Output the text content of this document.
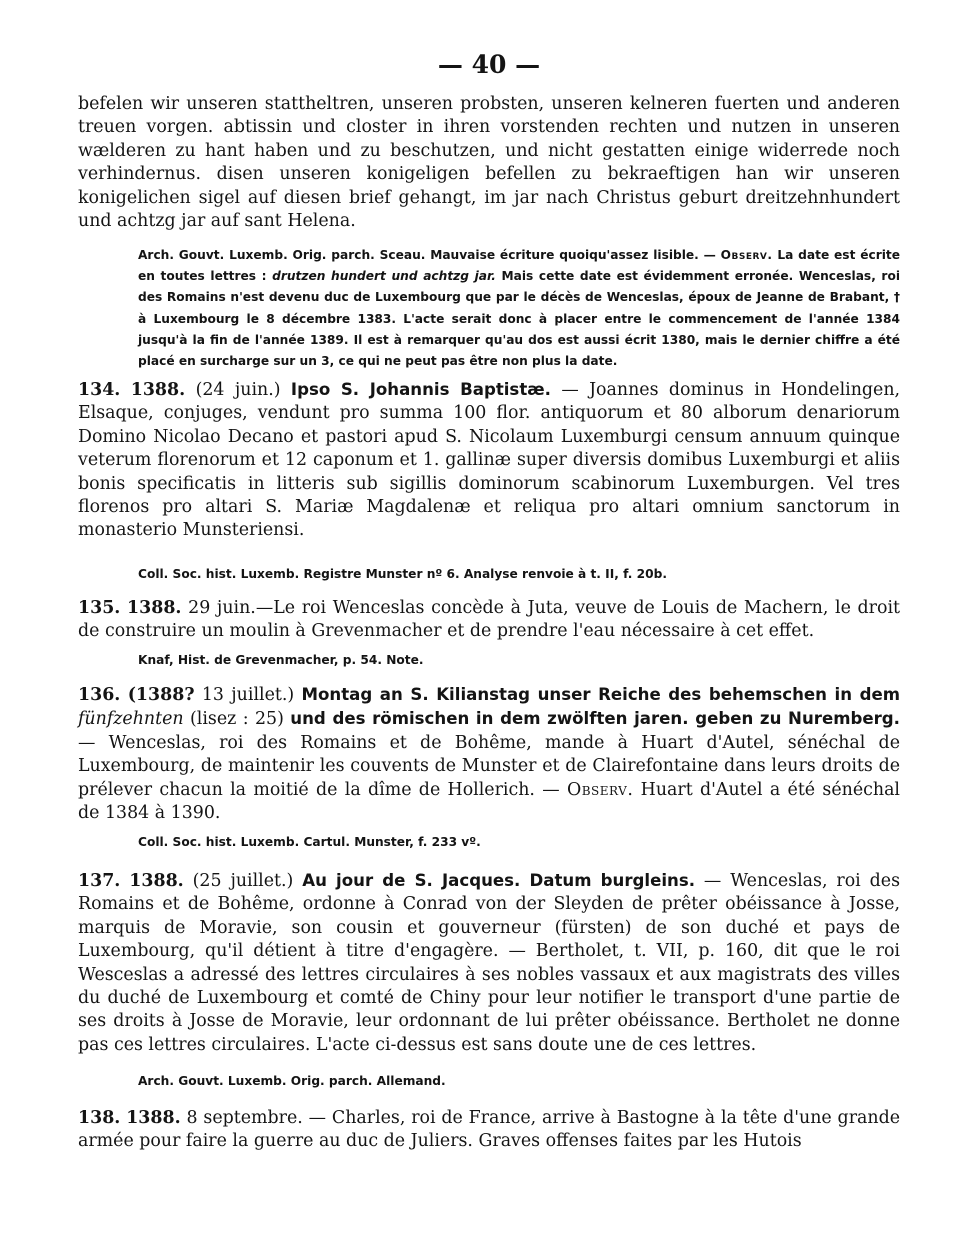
— 40 —
befelen wir unseren stattheltren, unseren probsten, unseren kelneren fuerten und anderen treuen vorgen. abtissin und closter in ihren vorstenden rechten und nutzen in unseren wælderen zu hant haben und zu beschutzen, und nicht gestatten einige widerrede noch verhindernus. disen unseren konigeligen befellen zu bekraeftigen han wir unseren konigelichen sigel auf diesen brief gehangt, im jar nach Christus geburt dreitzehnhundert und achtzg jar auf sant Helena.
Arch. Gouvt. Luxemb. Orig. parch. Sceau. Mauvaise écriture quoiqu'assez lisible. — Observ. La date est écrite en toutes lettres : drutzen hundert und achtzg jar. Mais cette date est évidemment erronée. Wenceslas, roi des Romains n'est devenu duc de Luxembourg que par le décès de Wenceslas, époux de Jeanne de Brabant, † à Luxembourg le 8 décembre 1383. L'acte serait donc à placer entre le commencement de l'année 1384 jusqu'à la fin de l'année 1389. Il est à remarquer qu'au dos est aussi écrit 1380, mais le dernier chiffre a été placé en surcharge sur un 3, ce qui ne peut pas être non plus la date.
134. 1388. (24 juin.) Ipso S. Johannis Baptistæ. — Joannes dominus in Hondelingen, Elsaque, conjuges, vendunt pro summa 100 flor. antiquorum et 80 alborum denariorum Domino Nicolao Decano et pastori apud S. Nicolaum Luxemburgi censum annuum quinque veterum florenorum et 12 caponum et 1. gallinæ super diversis domibus Luxemburgi et aliis bonis specificatis in litteris sub sigillis dominorum scabinorum Luxemburgen. Vel tres florenos pro altari S. Mariæ Magdalenæ et reliqua pro altari omnium sanctorum in monasterio Munsteriensi.
Coll. Soc. hist. Luxemb. Registre Munster nº 6. Analyse renvoie à t. II, f. 20b.
135. 1388. 29 juin.—Le roi Wenceslas concède à Juta, veuve de Louis de Machern, le droit de construire un moulin à Grevenmacher et de prendre l'eau nécessaire à cet effet.
Knaf, Hist. de Grevenmacher, p. 54. Note.
136. (1388? 13 juillet.) Montag an S. Kilianstag unser Reiche des behemschen in dem fünfzehnten (lisez : 25) und des römischen in dem zwölften jaren. geben zu Nuremberg.— Wenceslas, roi des Romains et de Bohême, mande à Huart d'Autel, sénéchal de Luxembourg, de maintenir les couvents de Munster et de Clairefontaine dans leurs droits de prélever chacun la moitié de la dîme de Hollerich. — Observ. Huart d'Autel a été sénéchal de 1384 à 1390.
Coll. Soc. hist. Luxemb. Cartul. Munster, f. 233 vº.
137. 1388. (25 juillet.) Au jour de S. Jacques. Datum burgleins. — Wenceslas, roi des Romains et de Bohême, ordonne à Conrad von der Sleyden de prêter obéissance à Josse, marquis de Moravie, son cousin et gouverneur (fürsten) de son duché et pays de Luxembourg, qu'il détient à titre d'engagère. — Bertholet, t. VII, p. 160, dit que le roi Wesceslas a adressé des lettres circulaires à ses nobles vassaux et aux magistrats des villes du duché de Luxembourg et comté de Chiny pour leur notifier le transport d'une partie de ses droits à Josse de Moravie, leur ordonnant de lui prêter obéissance. Bertholet ne donne pas ces lettres circulaires. L'acte ci-dessus est sans doute une de ces lettres.
Arch. Gouvt. Luxemb. Orig. parch. Allemand.
138. 1388. 8 septembre. — Charles, roi de France, arrive à Bastogne à la tête d'une grande armée pour faire la guerre au duc de Juliers. Graves offenses faites par les Hutois
